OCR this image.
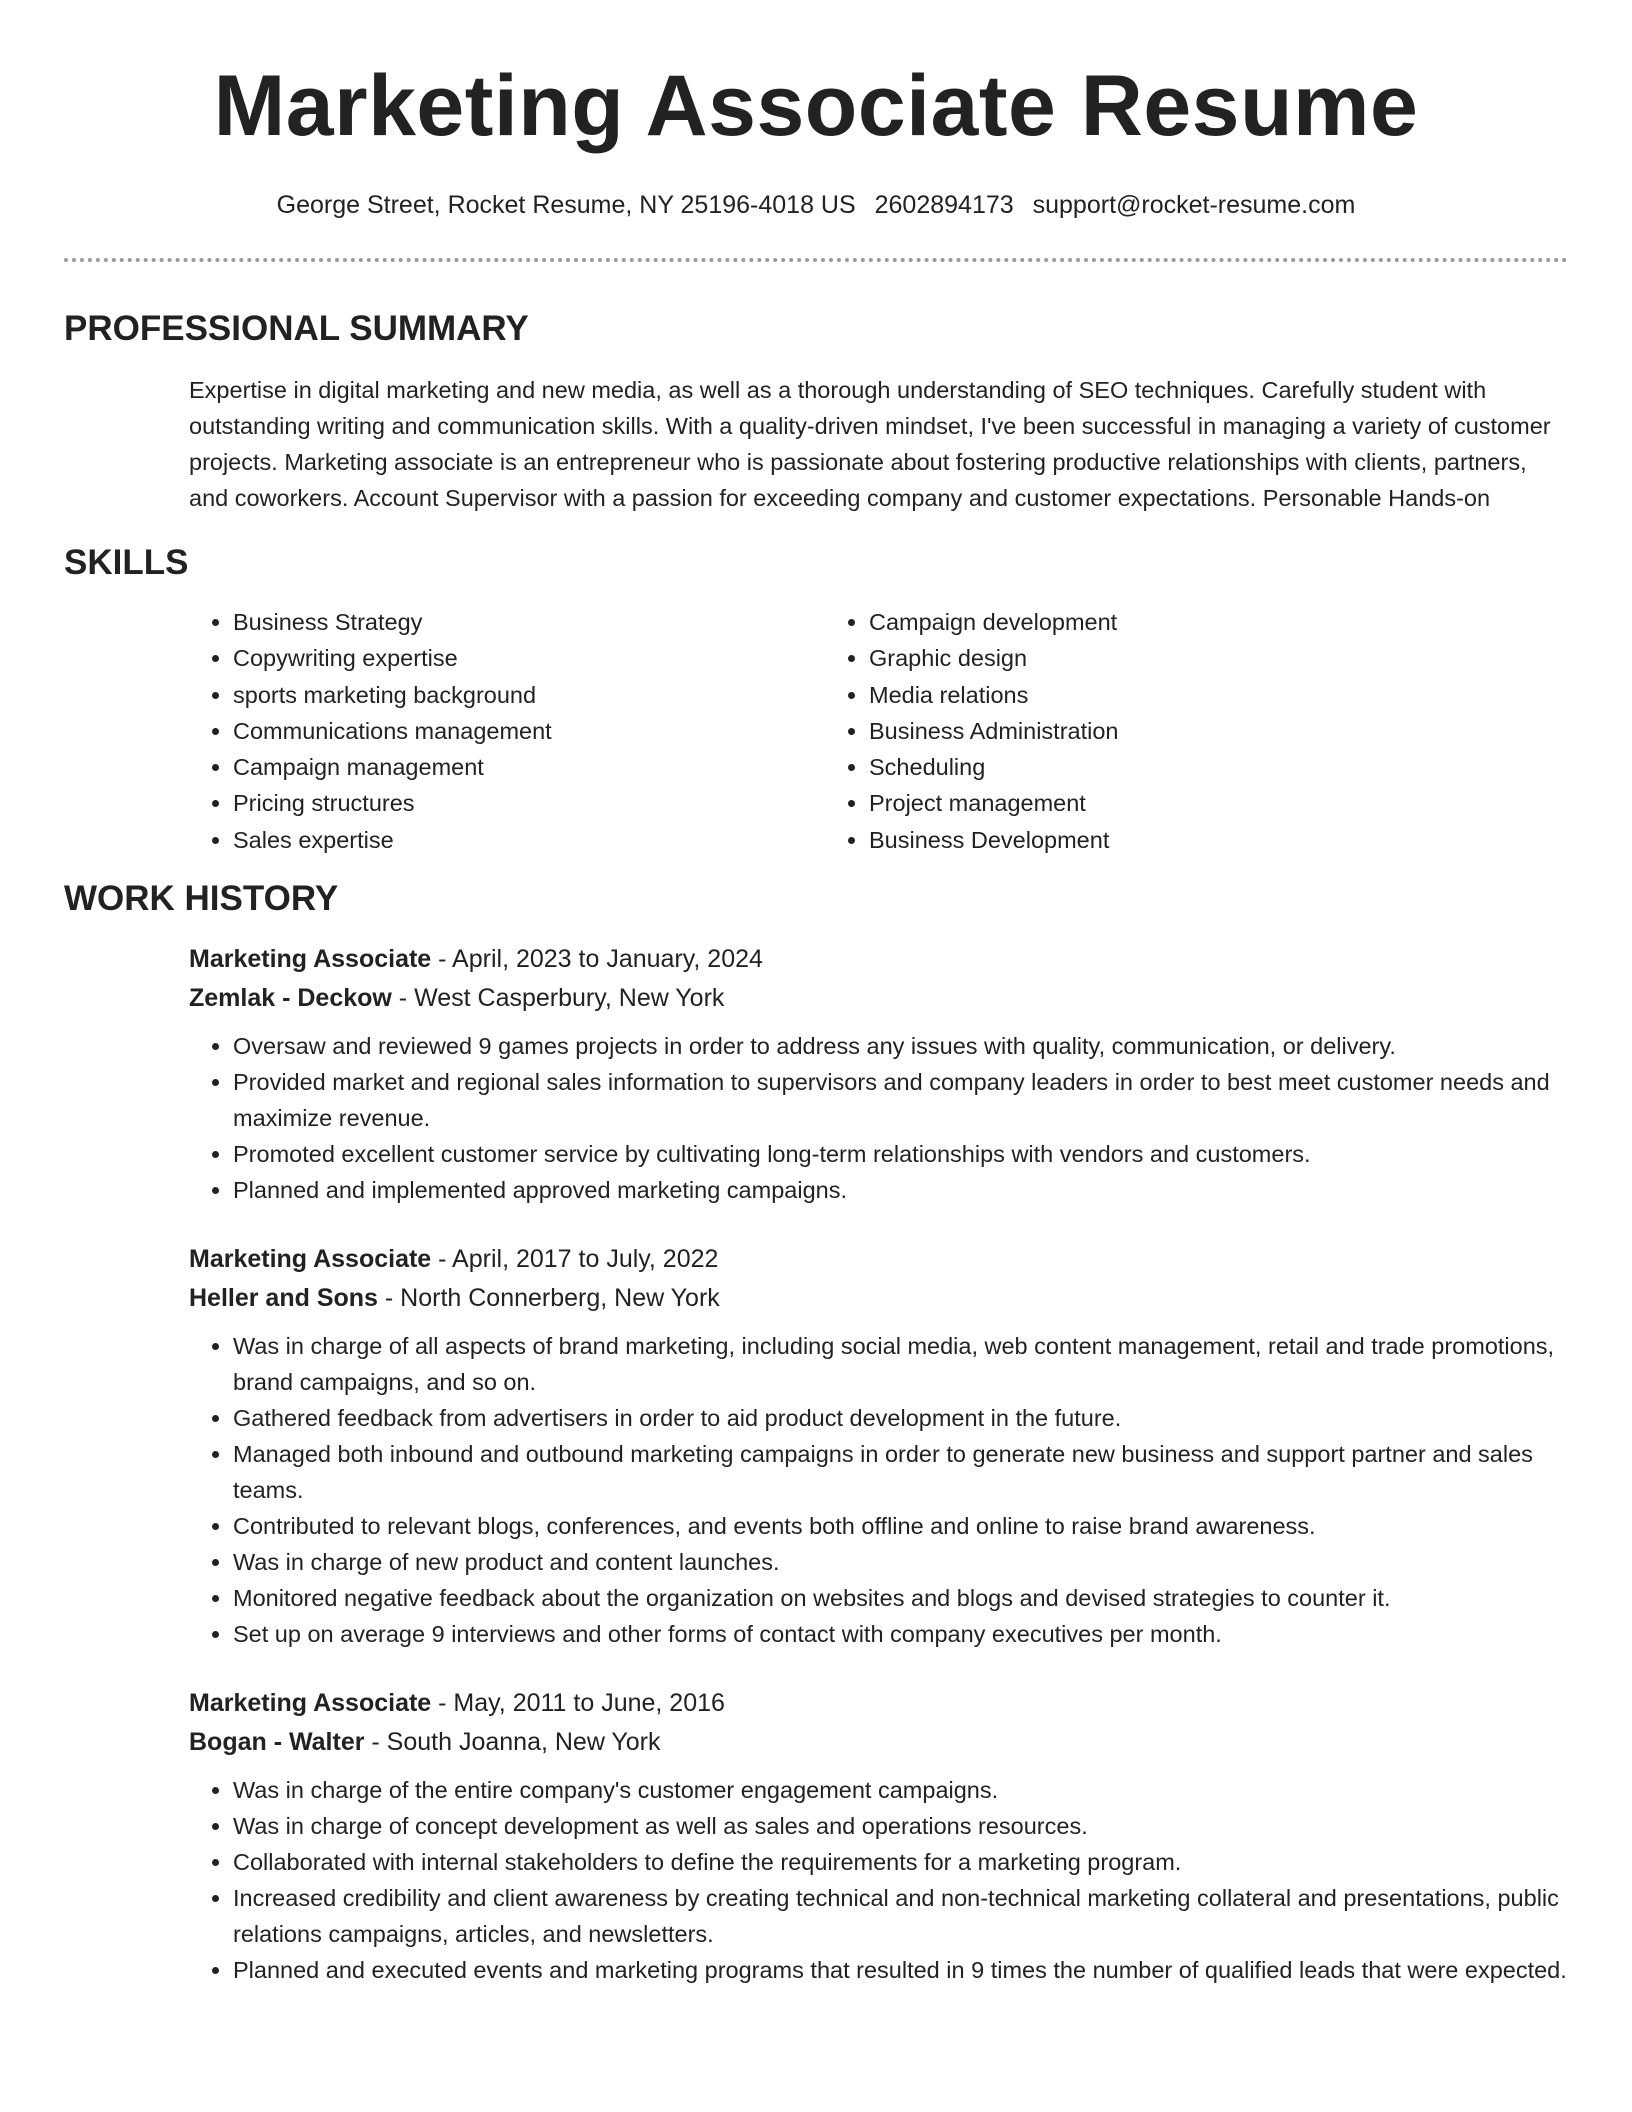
Marketing Associate Resume
George Street, Rocket Resume, NY 25196-4018 US 2602894173 support@rocket-resume.com
PROFESSIONAL SUMMARY

Expertise in digital marketing and new media, as well as a thorough understanding of SEO techniques. Carefully student with outstanding writing and communication skills. With a quality-driven mindset, I've been successful in managing a variety of customer projects. Marketing associate is an entrepreneur who is passionate about fostering productive relationships with clients, partners, and coworkers. Account Supervisor with a passion for exceeding company and customer expectations. Personable Hands-on

SKILLS
• Business Strategy
• Copywriting expertise
• sports marketing background
• Communications management
• Campaign management
• Pricing structures
• Sales expertise
• Campaign development
• Graphic design
• Media relations
• Business Administration
• Scheduling
• Project management
• Business Development
WORK HISTORY
Marketing Associate - April, 2023 to January, 2024
Zemlak - Deckow - West Casperbury, New York
• Oversaw and reviewed 9 games projects in order to address any issues with quality, communication, or delivery.
• Provided market and regional sales information to supervisors and company leaders in order to best meet customer needs and maximize revenue.
• Promoted excellent customer service by cultivating long-term relationships with vendors and customers.
• Planned and implemented approved marketing campaigns.
Marketing Associate - April, 2017 to July, 2022
Heller and Sons - North Connerberg, New York
• Was in charge of all aspects of brand marketing, including social media, web content management, retail and trade promotions, brand campaigns, and so on.
• Gathered feedback from advertisers in order to aid product development in the future.
• Managed both inbound and outbound marketing campaigns in order to generate new business and support partner and sales teams.
• Contributed to relevant blogs, conferences, and events both offline and online to raise brand awareness.
• Was in charge of new product and content launches.
• Monitored negative feedback about the organization on websites and blogs and devised strategies to counter it.
• Set up on average 9 interviews and other forms of contact with company executives per month.
Marketing Associate - May, 2011 to June, 2016
Bogan - Walter - South Joanna, New York
• Was in charge of the entire company's customer engagement campaigns.
• Was in charge of concept development as well as sales and operations resources.
• Collaborated with internal stakeholders to define the requirements for a marketing program.
• Increased credibility and client awareness by creating technical and non-technical marketing collateral and presentations, public relations campaigns, articles, and newsletters.
• Planned and executed events and marketing programs that resulted in 9 times the number of qualified leads that were expected.
